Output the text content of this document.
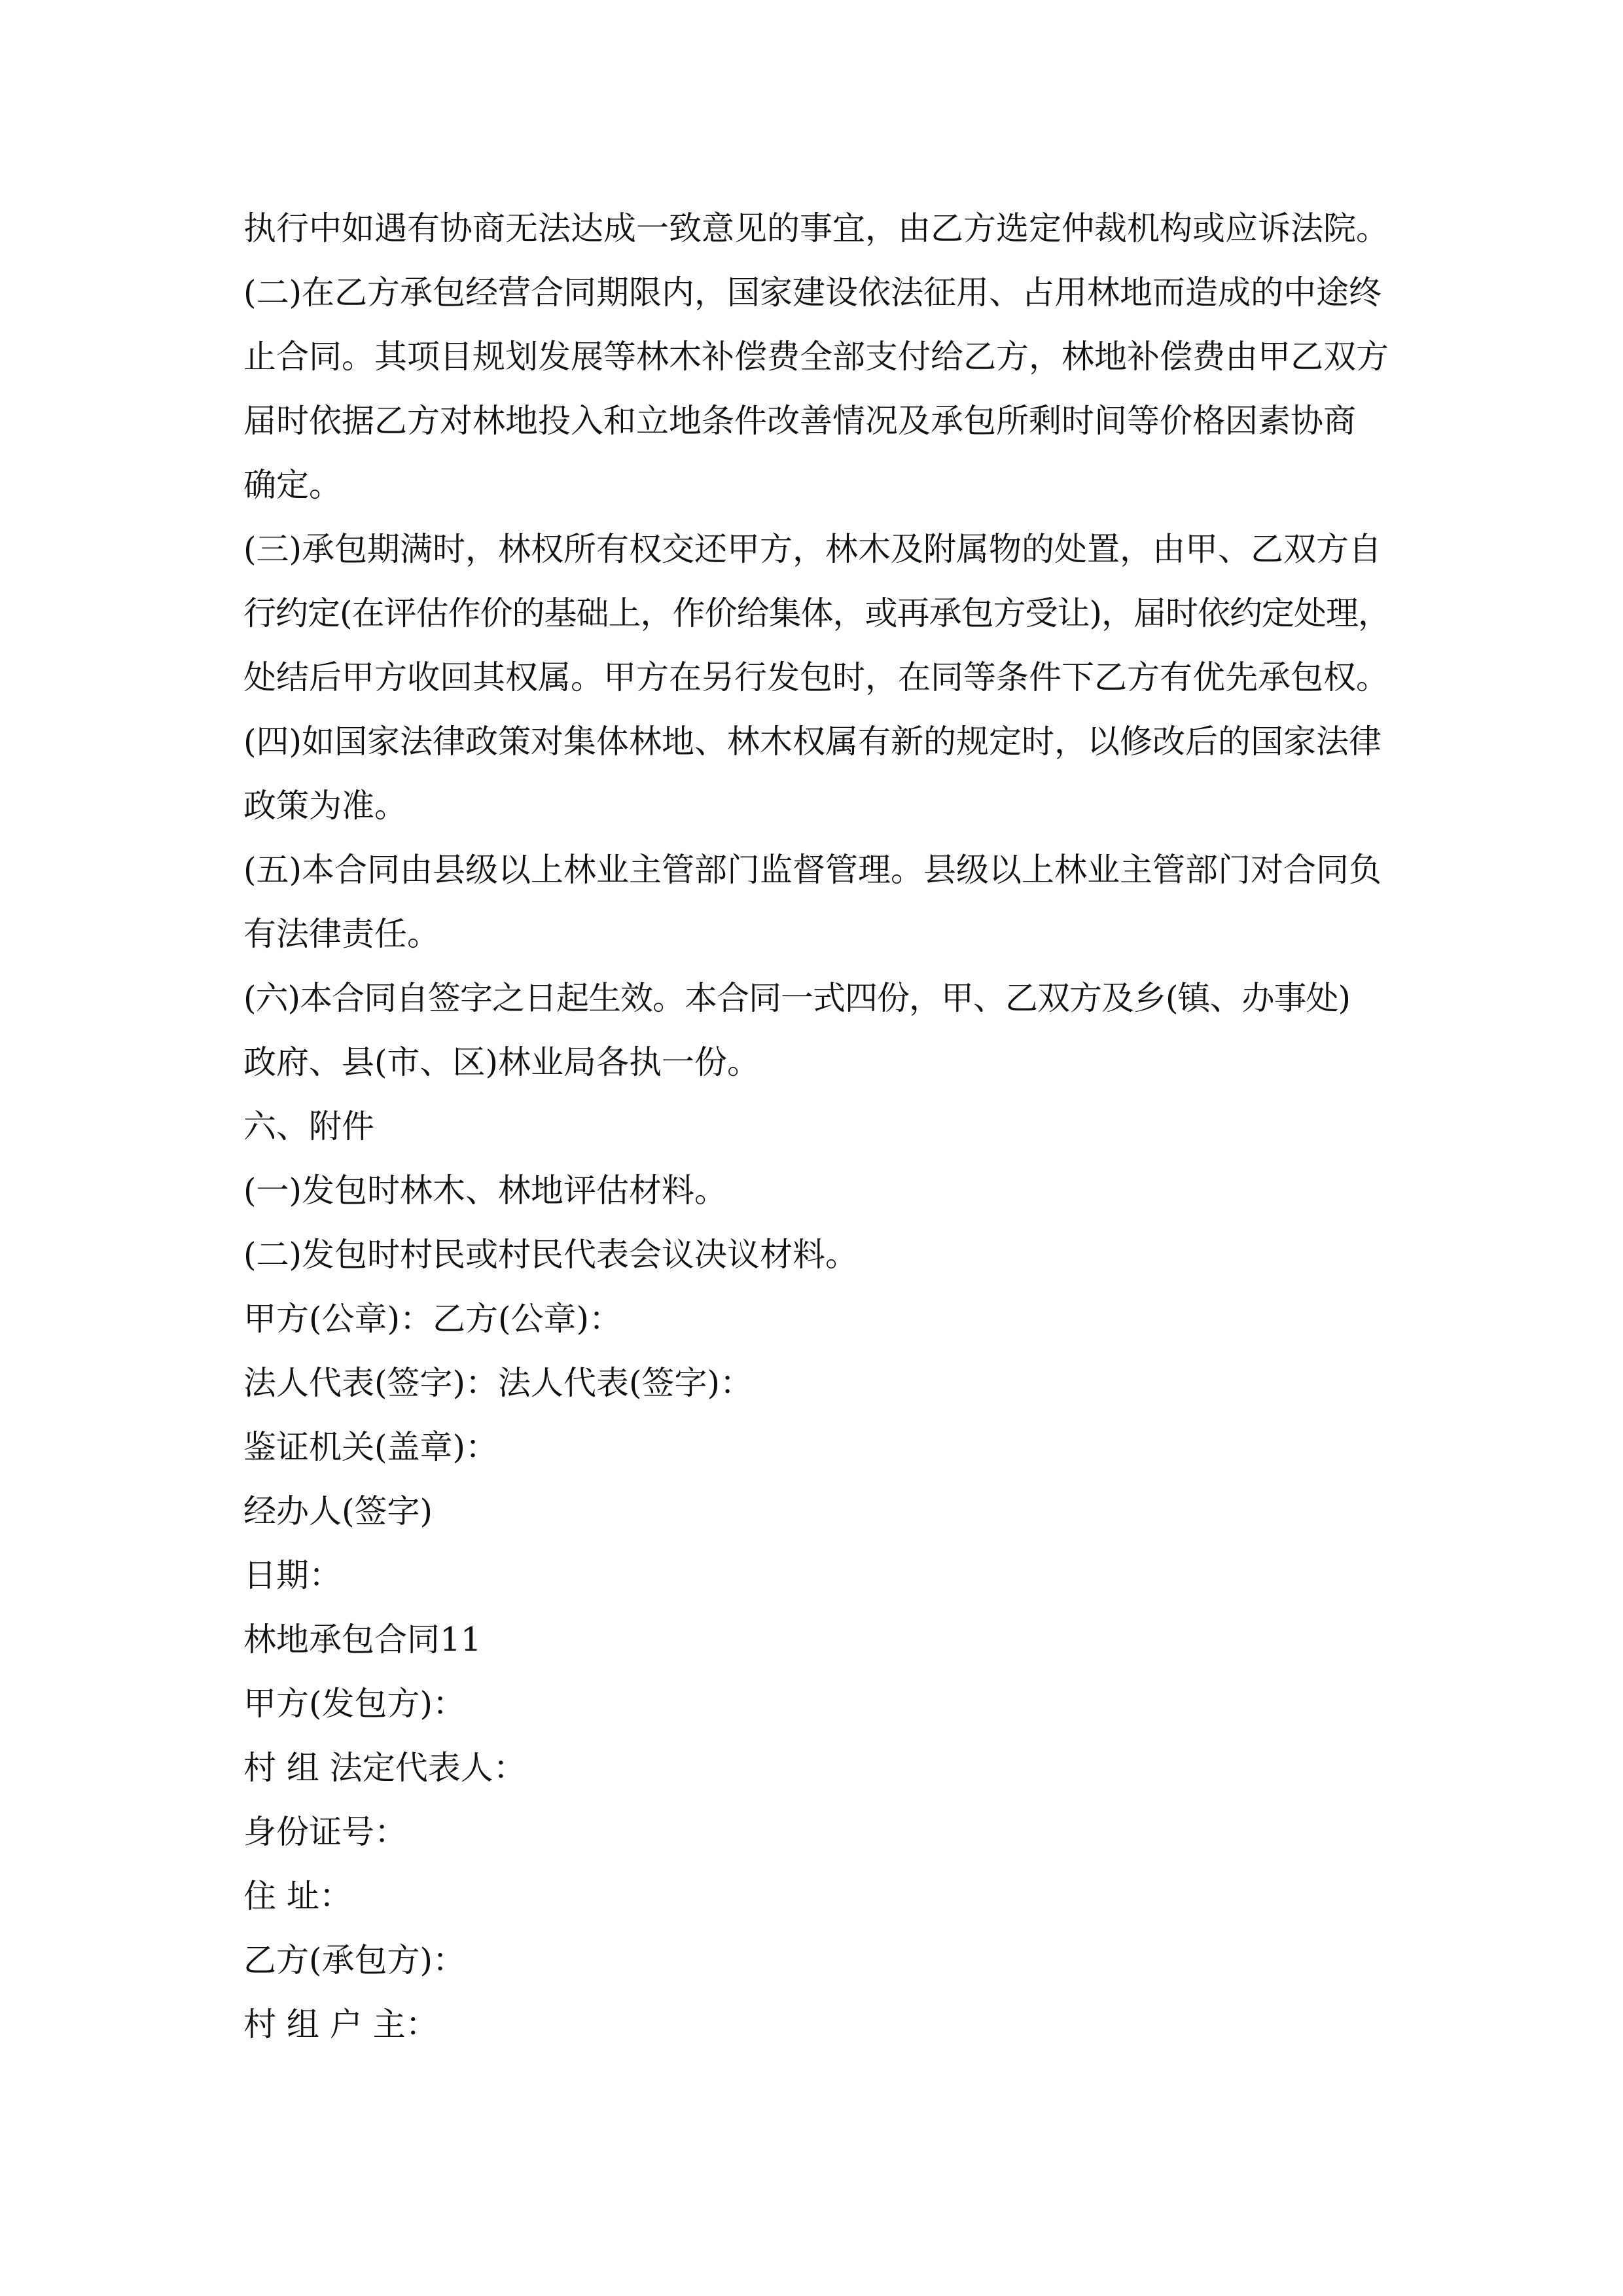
执行中如遇有协商无法达成一致意见的事宜，由乙方选定仲裁机构或应诉法院。
(二)在乙方承包经营合同期限内，国家建设依法征用、占用林地而造成的中途终
止合同。其项目规划发展等林木补偿费全部支付给乙方，林地补偿费由甲乙双方
届时依据乙方对林地投入和立地条件改善情况及承包所剩时间等价格因素协商
确定。
(三)承包期满时，林权所有权交还甲方，林木及附属物的处置，由甲、乙双方自
行约定(在评估作价的基础上，作价给集体，或再承包方受让)，届时依约定处理，
处结后甲方收回其权属。甲方在另行发包时，在同等条件下乙方有优先承包权。
(四)如国家法律政策对集体林地、林木权属有新的规定时，以修改后的国家法律
政策为准。
(五)本合同由县级以上林业主管部门监督管理。县级以上林业主管部门对合同负
有法律责任。
(六)本合同自签字之日起生效。本合同一式四份，甲、乙双方及乡(镇、办事处)
政府、县(市、区)林业局各执一份。
六、附件
(一)发包时林木、林地评估材料。
(二)发包时村民或村民代表会议决议材料。
甲方(公章)：乙方(公章)：
法人代表(签字)：法人代表(签字)：
鉴证机关(盖章)：
经办人(签字)
日期：
林地承包合同11
甲方(发包方)：
村 组 法定代表人：
身份证号：
住 址：
乙方(承包方)：
村 组 户 主：
